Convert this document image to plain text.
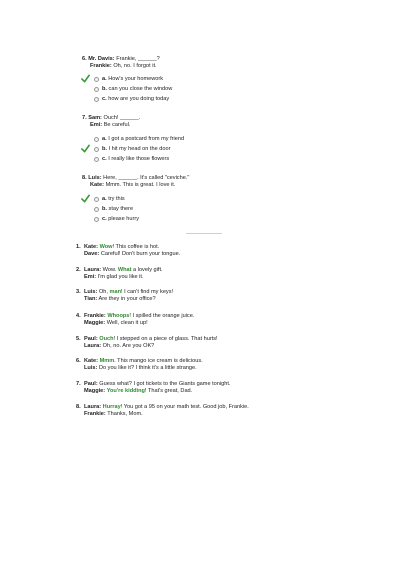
6. Mr. Davis: Frankie, ______?
Frankie: Oh, no. I forgot it.
a. How's your homework
b. can you close the window
c. how are you doing today
7. Sam: Ouch! ______.
Emi: Be careful.
a. I got a postcard from my friend
b. I hit my head on the door
c. I really like those flowers
8. Luis: Here, ______. It's called "ceviche."
Kate: Mmm. This is great. I love it.
a. try this
b. stay there
c. please hurry
1. Kate: Wow! This coffee is hot.
Dave: Careful! Don't burn your tongue.
2. Laura: Wow. What a lovely gift.
Emi: I'm glad you like it.
3. Luis: Oh, man! I can't find my keys!
Tian: Are they in your office?
4. Frankie: Whoops! I spilled the orange juice.
Maggie: Well, clean it up!
5. Paul: Ouch! I stepped on a piece of glass. That hurts!
Laura: Oh, no. Are you OK?
6. Kate: Mmm. This mango ice cream is delicious.
Luis: Do you like it? I think it's a little strange.
7. Paul: Guess what? I got tickets to the Giants game tonight.
Maggie: You're kidding! That's great, Dad.
8. Laura: Hurray! You got a 95 on your math test. Good job, Frankie.
Frankie: Thanks, Mom.
